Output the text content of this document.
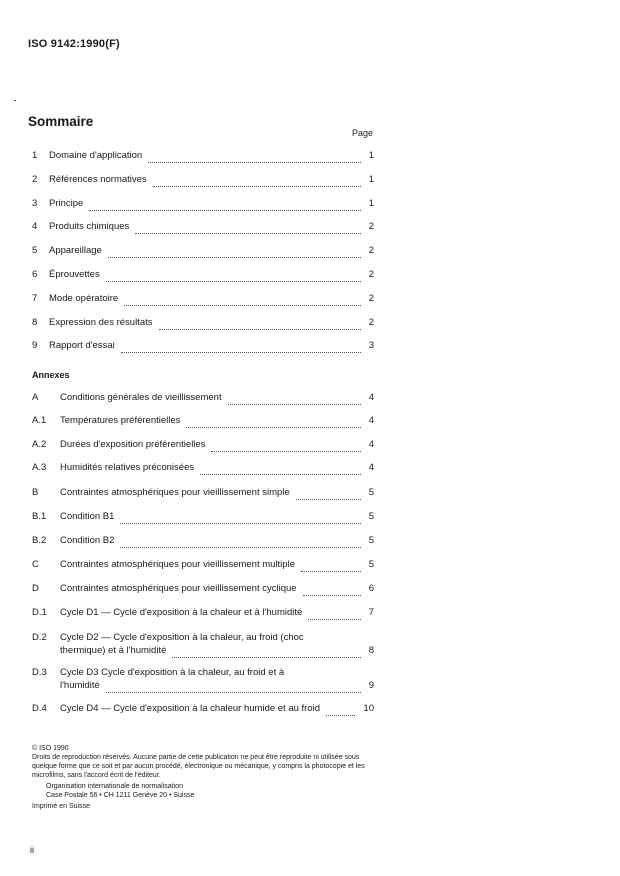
ISO 9142:1990(F)
Sommaire
Page
1 Domaine d'application	1
2 Références normatives	1
3 Principe	1
4 Produits chimiques	2
5 Appareillage	2
6 Éprouvettes	2
7 Mode opératoire	2
8 Expression des résultats	2
9 Rapport d'essai	3
Annexes
A Conditions générales de vieillissement	4
A.1 Températures préférentielles	4
A.2 Durées d'exposition préférentielles	4
A.3 Humidités relatives préconisées	4
B Contraintes atmosphériques pour vieillissement simple	5
B.1 Condition B1	5
B.2 Condition B2	5
C Contraintes atmosphériques pour vieillissement multiple	5
D Contraintes atmosphériques pour vieillissement cyclique	6
D.1 Cycle D1 — Cycle d'exposition à la chaleur et à l'humidité	7
D.2 Cycle D2 — Cycle d'exposition à la chaleur, au froid (choc
thermique) et à l'humidité	8
D.3 Cycle D3 Cycle d'exposition à la chaleur, au froid et à
l'humidité	9
D.4 Cycle D4 — Cycle d'exposition à la chaleur humide et au froid	10

© ISO 1990

Droits de reproduction réservés. Aucune partie de cette publication ne peut être reproduite ni utilisée sous quelque forme que ce soit et par aucun procédé, électronique ou mécanique, y compris la photocopie et les microfilms, sans l'accord écrit de l'éditeur.

Organisation internationale de normalisation

Case Postale 56 • CH 1211 Genève 20 • Suisse

Imprimé en Suisse
ii
